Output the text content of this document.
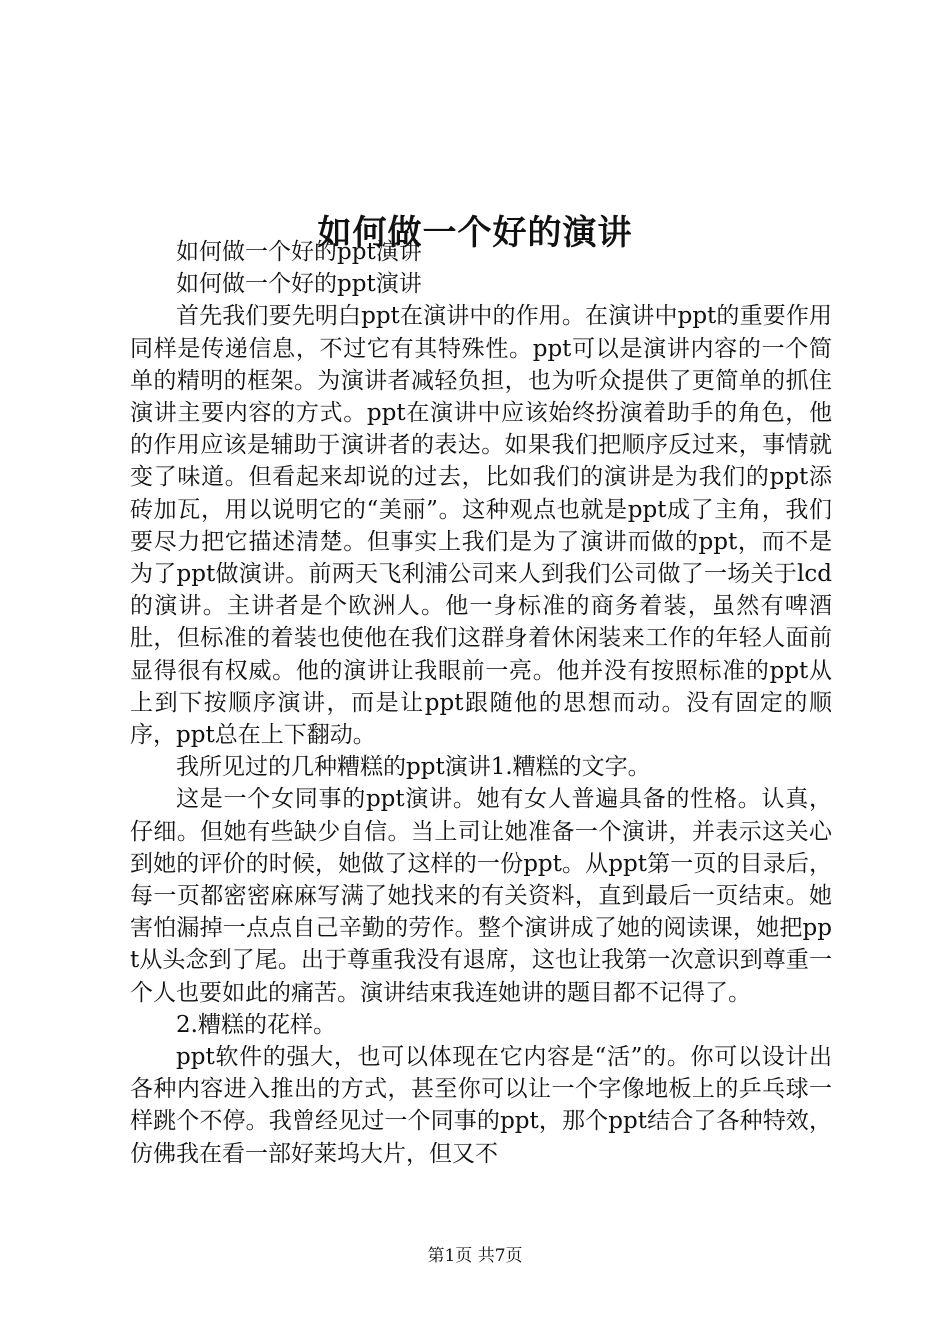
如何做一个好的演讲

如何做一个好的ppt演讲

如何做一个好的ppt演讲

首先我们要先明白ppt在演讲中的作用。在演讲中ppt的重要作用同样是传递信息，不过它有其特殊性。ppt可以是演讲内容的一个简单的精明的框架。为演讲者减轻负担，也为听众提供了更简单的抓住演讲主要内容的方式。ppt在演讲中应该始终扮演着助手的角色，他的作用应该是辅助于演讲者的表达。如果我们把顺序反过来，事情就变了味道。但看起来却说的过去，比如我们的演讲是为我们的ppt添砖加瓦，用以说明它的“美丽”。这种观点也就是ppt成了主角，我们要尽力把它描述清楚。但事实上我们是为了演讲而做的ppt，而不是为了ppt做演讲。前两天飞利浦公司来人到我们公司做了一场关于lcd的演讲。主讲者是个欧洲人。他一身标准的商务着装，虽然有啤酒肚，但标准的着装也使他在我们这群身着休闲装来工作的年轻人面前显得很有权威。他的演讲让我眼前一亮。他并没有按照标准的ppt从上到下按顺序演讲，而是让ppt跟随他的思想而动。没有固定的顺序，ppt总在上下翻动。

我所见过的几种糟糕的ppt演讲1.糟糕的文字。

这是一个女同事的ppt演讲。她有女人普遍具备的性格。认真，仔细。但她有些缺少自信。当上司让她准备一个演讲，并表示这关心到她的评价的时候，她做了这样的一份ppt。从ppt第一页的目录后，每一页都密密麻麻写满了她找来的有关资料，直到最后一页结束。她害怕漏掉一点点自己辛勤的劳作。整个演讲成了她的阅读课，她把ppt从头念到了尾。出于尊重我没有退席，这也让我第一次意识到尊重一个人也要如此的痛苦。演讲结束我连她讲的题目都不记得了。

2.糟糕的花样。

ppt软件的强大，也可以体现在它内容是“活”的。你可以设计出各种内容进入推出的方式，甚至你可以让一个字像地板上的乒乓球一样跳个不停。我曾经见过一个同事的ppt，那个ppt结合了各种特效，仿佛我在看一部好莱坞大片，但又不

第1页 共7页
